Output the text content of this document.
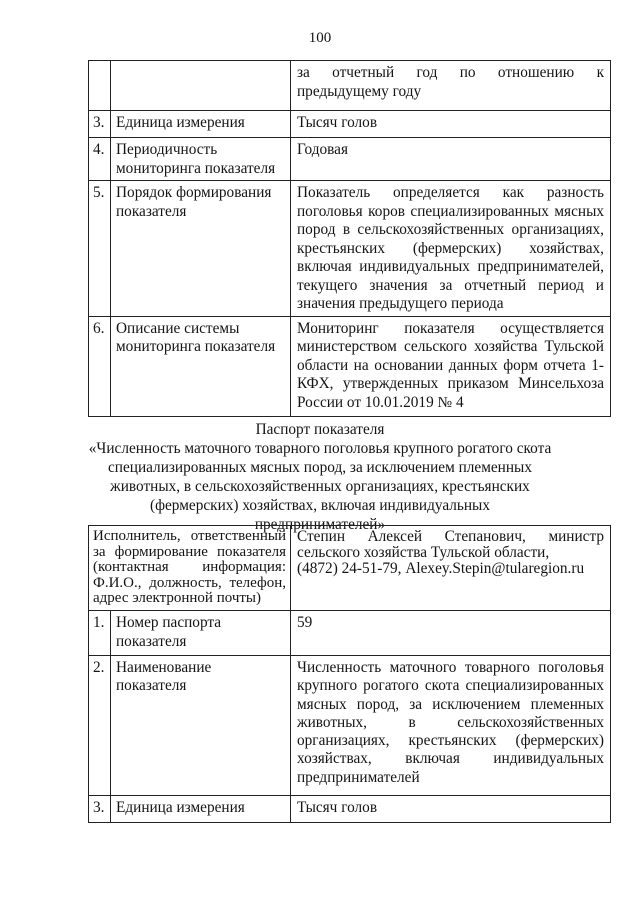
100
		за отчетный год по отношению к предыдущему году
3.	Единица измерения	Тысяч голов
4.	Периодичность мониторинга показателя	Годовая
5.	Порядок формирования показателя	Показатель определяется как разность поголовья коров специализированных мясных пород в сельскохозяйственных организациях, крестьянских (фермерских) хозяйствах, включая индивидуальных предпринимателей, текущего значения за отчетный период и значения предыдущего периода
6.	Описание системы мониторинга показателя	Мониторинг показателя осуществляется министерством сельского хозяйства Тульской области на основании данных форм отчета 1-КФХ, утвержденных приказом Минсельхоза России от 10.01.2019 № 4
Паспорт показателя
«Численность маточного товарного поголовья крупного рогатого скота специализированных мясных пород, за исключением племенных животных, в сельскохозяйственных организациях, крестьянских (фермерских) хозяйствах, включая индивидуальных предпринимателей»
Исполнитель, ответственный за формирование показателя (контактная информация: Ф.И.О., должность, телефон, адрес электронной почты)		Степин Алексей Степанович, министр сельского хозяйства Тульской области,
(4872) 24-51-79, Alexey.Stepin@tularegion.ru
1.	Номер паспорта показателя	59
2.	Наименование показателя	Численность маточного товарного поголовья крупного рогатого скота специализированных мясных пород, за исключением племенных животных, в сельскохозяйственных организациях, крестьянских (фермерских) хозяйствах, включая индивидуальных предпринимателей
3.	Единица измерения	Тысяч голов
